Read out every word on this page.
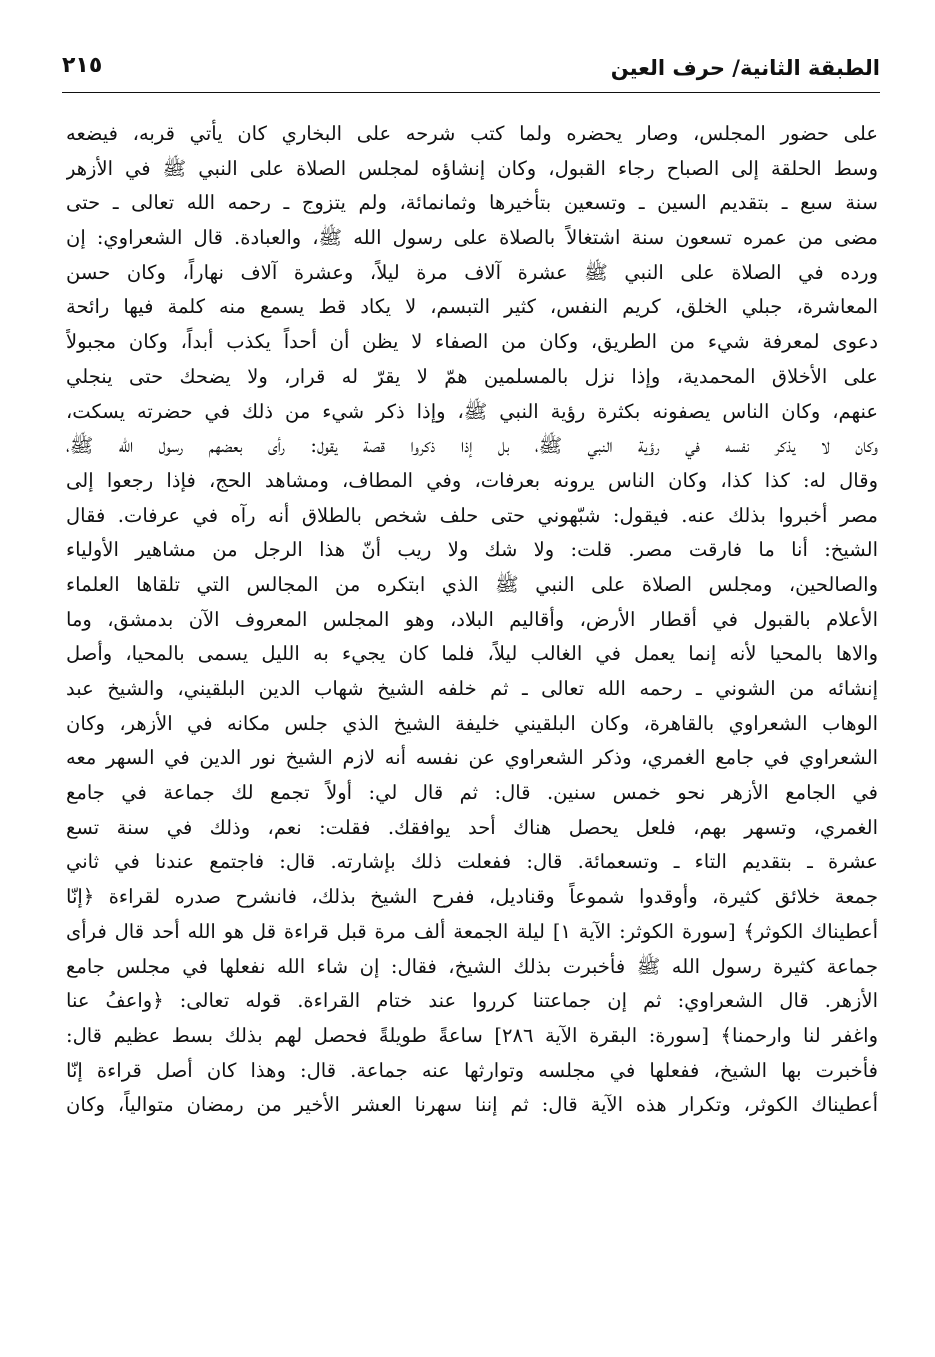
الطبقة الثانية/ حرف العين
٢١٥
على حضور المجلس، وصار يحضره ولما كتب شرحه على البخاري كان يأتي قربه، فيضعه
وسط الحلقة إلى الصباح رجاء القبول، وكان إنشاؤه لمجلس الصلاة على النبي ﷺ في الأزهر
سنة سبع ـ بتقديم السين ـ وتسعين بتأخيرها وثمانمائة، ولم يتزوج ـ رحمه الله تعالى ـ حتى
مضى من عمره تسعون سنة اشتغالاً بالصلاة على رسول الله ﷺ، والعبادة. قال الشعراوي: إن
ورده في الصلاة على النبي ﷺ عشرة آلاف مرة ليلاً، وعشرة آلاف نهاراً، وكان حسن
المعاشرة، جبلي الخلق، كريم النفس، كثير التبسم، لا يكاد قط يسمع منه كلمة فيها رائحة
دعوى لمعرفة شيء من الطريق، وكان من الصفاء لا يظن أن أحداً يكذب أبداً، وكان مجبولاً
على الأخلاق المحمدية، وإذا نزل بالمسلمين همّ لا يقرّ له قرار، ولا يضحك حتى ينجلي
عنهم، وكان الناس يصفونه بكثرة رؤية النبي ﷺ، وإذا ذكر شيء من ذلك في حضرته يسكت،
وكان لا يذكر نفسه في رؤية النبي ﷺ، بل إذا ذكروا قصة يقول: رأى بعضهم رسول الله ﷺ،
وقال له: كذا كذا، وكان الناس يرونه بعرفات، وفي المطاف، ومشاهد الحج، فإذا رجعوا إلى
مصر أخبروا بذلك عنه. فيقول: شبّهوني حتى حلف شخص بالطلاق أنه رآه في عرفات. فقال
الشيخ: أنا ما فارقت مصر. قلت: ولا شك ولا ريب أنّ هذا الرجل من مشاهير الأولياء
والصالحين، ومجلس الصلاة على النبي ﷺ الذي ابتكره من المجالس التي تلقاها العلماء
الأعلام بالقبول في أقطار الأرض، وأقاليم البلاد، وهو المجلس المعروف الآن بدمشق، وما
والاها بالمحيا لأنه إنما يعمل في الغالب ليلاً، فلما كان يجيء به الليل يسمى بالمحيا، وأصل
إنشائه من الشوني ـ رحمه الله تعالى ـ ثم خلفه الشيخ شهاب الدين البلقيني، والشيخ عبد
الوهاب الشعراوي بالقاهرة، وكان البلقيني خليفة الشيخ الذي جلس مكانه في الأزهر، وكان
الشعراوي في جامع الغمري، وذكر الشعراوي عن نفسه أنه لازم الشيخ نور الدين في السهر معه
في الجامع الأزهر نحو خمس سنين. قال: ثم قال لي: أولاً تجمع لك جماعة في جامع
الغمري، وتسهر بهم، فلعل يحصل هناك أحد يوافقك. فقلت: نعم، وذلك في سنة تسع
عشرة ـ بتقديم التاء ـ وتسعمائة. قال: ففعلت ذلك بإشارته. قال: فاجتمع عندنا في ثاني
جمعة خلائق كثيرة، وأوقدوا شموعاً وقناديل، ففرح الشيخ بذلك، فانشرح صدره لقراءة ﴿إنّا
أعطيناك الكوثر﴾ [سورة الكوثر: الآية ١] ليلة الجمعة ألف مرة قبل قراءة قل هو الله أحد قال فرأى
جماعة كثيرة رسول الله ﷺ فأخبرت بذلك الشيخ، فقال: إن شاء الله نفعلها في مجلس جامع
الأزهر. قال الشعراوي: ثم إن جماعتنا كرروا عند ختام القراءة. قوله تعالى: ﴿واعفُ عنا
واغفر لنا وارحمنا﴾ [سورة: البقرة الآية ٢٨٦] ساعةً طويلةً فحصل لهم بذلك بسط عظيم قال:
فأخبرت بها الشيخ، ففعلها في مجلسه وتوارثها عنه جماعة. قال: وهذا كان أصل قراءة إنّا
أعطيناك الكوثر، وتكرار هذه الآية قال: ثم إننا سهرنا العشر الأخير من رمضان متوالياً، وكان
